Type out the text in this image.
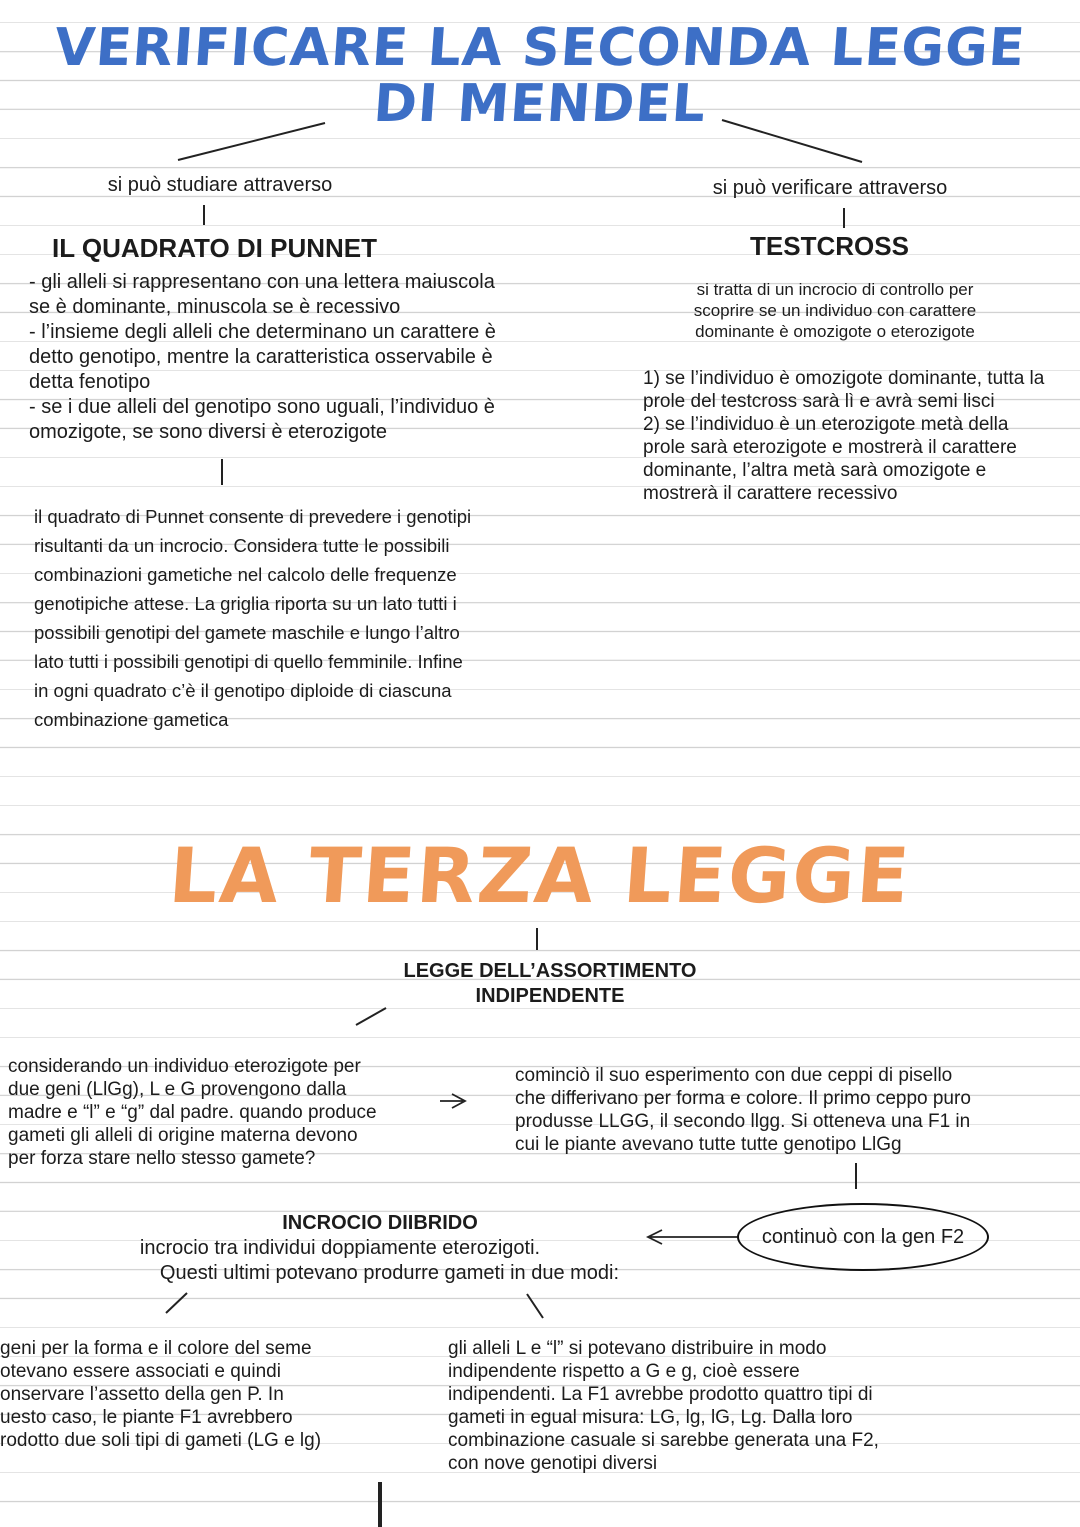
VERIFICARE LA SECONDA LEGGE
DI MENDEL
si può studiare attraverso	si può verificare attraverso
IL QUADRATO DI PUNNET	TESTCROSS
- gli alleli si rappresentano con una lettera maiuscola
se è dominante, minuscola se è recessivo
- l’insieme degli alleli che determinano un carattere è
detto genotipo, mentre la caratteristica osservabile è
detta fenotipo
- se i due alleli del genotipo sono uguali, l’individuo è
omozigote, se sono diversi è eterozigote
si tratta di un incrocio di controllo per
scoprire se un individuo con carattere
dominante è omozigote o eterozigote
1) se l’individuo è omozigote dominante, tutta la
prole del testcross sarà lì e avrà semi lisci
2) se l’individuo è un eterozigote metà della
prole sarà eterozigote e mostrerà il carattere
dominante, l’altra metà sarà omozigote e
mostrerà il carattere recessivo
il quadrato di Punnet consente di prevedere i genotipi
risultanti da un incrocio. Considera tutte le possibili
combinazioni gametiche nel calcolo delle frequenze
genotipiche attese. La griglia riporta su un lato tutti i
possibili genotipi del gamete maschile e lungo l’altro
lato tutti i possibili genotipi di quello femminile. Infine
in ogni quadrato c’è il genotipo diploide di ciascuna
combinazione gametica
LA TERZA LEGGE
LEGGE DELL’ASSORTIMENTO
INDIPENDENTE
considerando un individuo eterozigote per
due geni (LlGg), L e G provengono dalla
madre e “l” e “g” dal padre. quando produce
gameti gli alleli di origine materna devono
per forza stare nello stesso gamete?
cominciò il suo esperimento con due ceppi di pisello
che differivano per forma e colore. Il primo ceppo puro
produsse LLGG, il secondo llgg. Si otteneva una F1 in
cui le piante avevano tutte tutte genotipo LlGg
continuò con la gen F2
INCROCIO DIIBRIDO
incrocio tra individui doppiamente eterozigoti.
Questi ultimi potevano produrre gameti in due modi:
geni per la forma e il colore del seme
otevano essere associati e quindi
onservare l’assetto della gen P. In
uesto caso, le piante F1 avrebbero
rodotto due soli tipi di gameti (LG e lg)
gli alleli L e “l” si potevano distribuire in modo
indipendente rispetto a G e g, cioè essere
indipendenti. La F1 avrebbe prodotto quattro tipi di
gameti in egual misura: LG, lg, lG, Lg. Dalla loro
combinazione casuale si sarebbe generata una F2,
con nove genotipi diversi
